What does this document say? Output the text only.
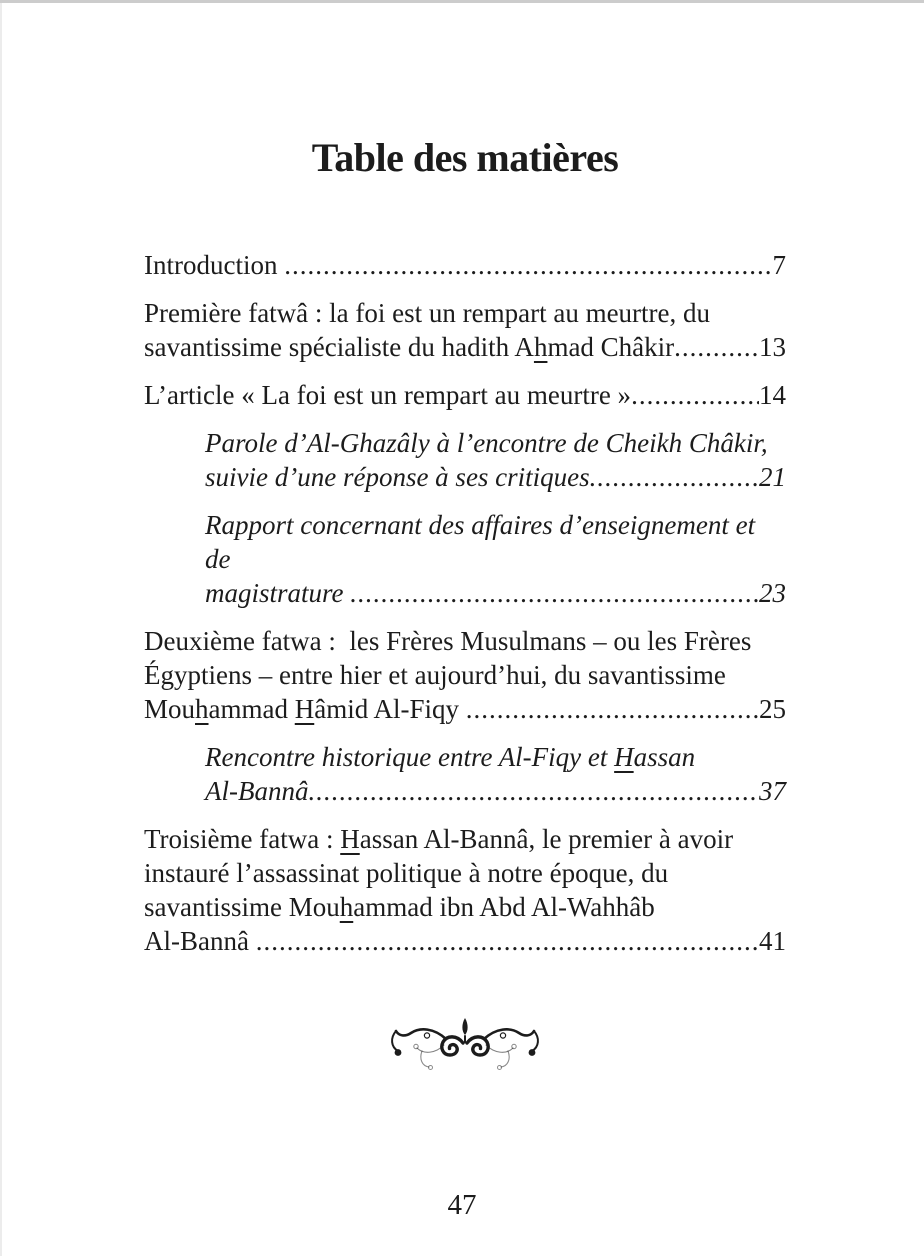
Table des matières
Introduction .....	7
Première fatwâ : la foi est un rempart au meurtre, du
savantissime spécialiste du hadith Ahmad Châkir .....	13
L’article « La foi est un rempart au meurtre » .....	14
Parole d’Al-Ghazâly à l’encontre de Cheikh Châkir,
suivie d’une réponse à ses critiques .....	21
Rapport concernant des affaires d’enseignement et de
magistrature .....	23
Deuxième fatwa :  les Frères Musulmans – ou les Frères
Égyptiens – entre hier et aujourd’hui, du savantissime
Mouhammad Hâmid Al-Fiqy .....	25
Rencontre historique entre Al-Fiqy et Hassan
Al-Bannâ .....	37
Troisième fatwa : Hassan Al-Bannâ, le premier à avoir
instauré l’assassinat politique à notre époque, du
savantissime Mouhammad ibn Abd Al-Wahhâb
Al-Bannâ .....	41
47
